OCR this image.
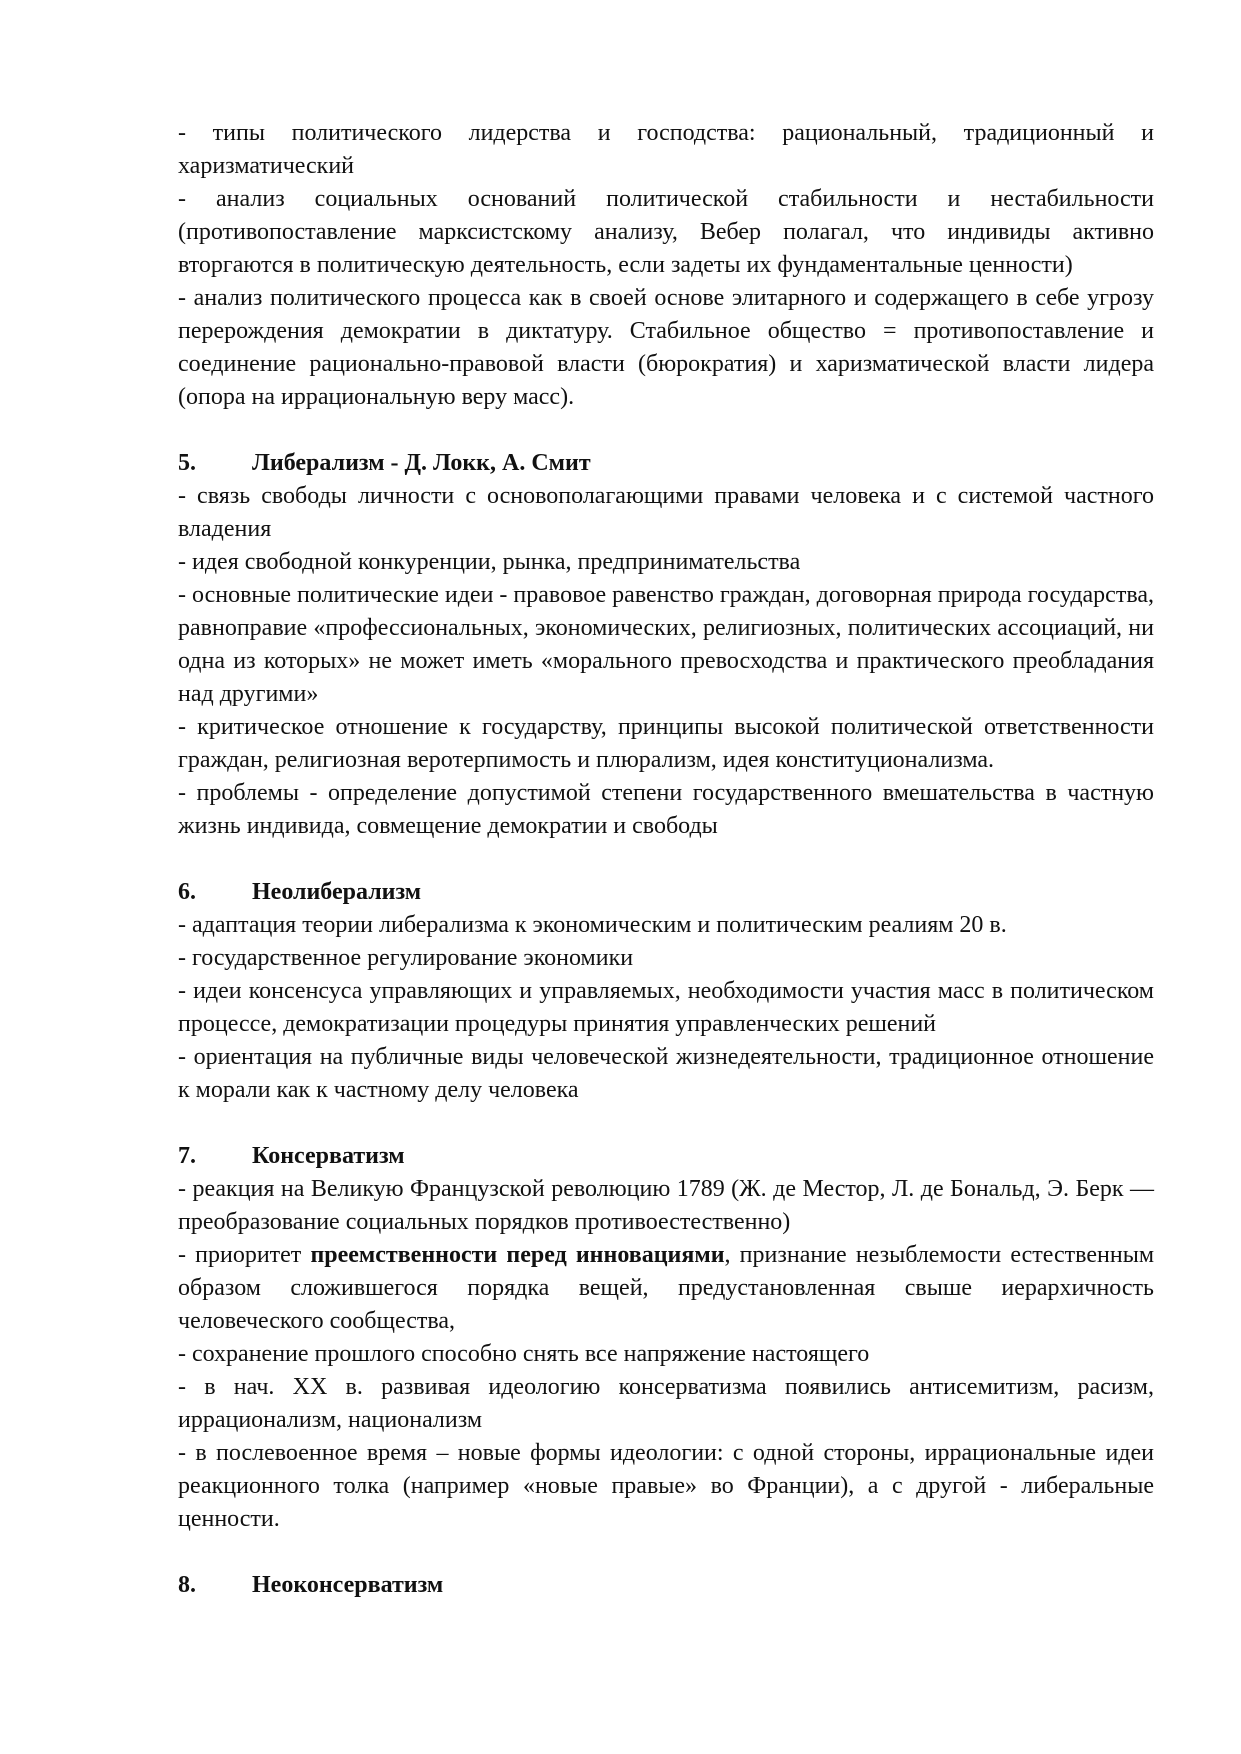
- типы политического лидерства и господства: рациональный, традиционный и харизматический

- анализ социальных оснований политической стабильности и нестабильности (противопоставление марксистскому анализу, Вебер полагал, что индивиды активно вторгаются в политическую деятельность, если задеты их фундаментальные ценности)

- анализ политического процесса как в своей основе элитарного и содержащего в себе угрозу перерождения демократии в диктатуру. Стабильное общество = противопоставление и соединение рационально-правовой власти (бюрократия) и харизматической власти лидера (опора на иррациональную веру масс).

5.	Либерализм - Д. Локк, А. Смит

- связь свободы личности с основополагающими правами человека и с системой частного владения

- идея свободной конкуренции, рынка, предпринимательства

- основные политические идеи - правовое равенство граждан, договорная природа государства, равноправие «профессиональных, экономических, религиозных, политических ассоциаций, ни одна из которых» не может иметь «морального превосходства и практического преобладания над другими»

- критическое отношение к государству, принципы высокой политической ответственности граждан, религиозная веротерпимость и плюрализм, идея конституционализма.

- проблемы - определение допустимой степени государственного вмешательства в частную жизнь индивида, совмещение демократии и свободы

6.	Неолиберализм

- адаптация теории либерализма к экономическим и политическим реалиям 20 в.

- государственное регулирование экономики

- идеи консенсуса управляющих и управляемых, необходимости участия масс в политическом процессе, демократизации процедуры принятия управленческих решений

- ориентация на публичные виды человеческой жизнедеятельности, традиционное отношение к морали как к частному делу человека

7.	Консерватизм

- реакция на Великую Французской революцию 1789 (Ж. де Местор, Л. де Бональд, Э. Берк —преобразование социальных порядков противоестественно)

- приоритет преемственности перед инновациями, признание незыблемости естественным образом сложившегося порядка вещей, предустановленная свыше иерархичность человеческого сообщества,

- сохранение прошлого способно снять все напряжение настоящего

- в нач. XX в. развивая идеологию консерватизма появились антисемитизм, расизм, иррационализм, национализм

- в послевоенное время – новые формы идеологии: с одной стороны, иррациональные идеи реакционного толка (например «новые правые» во Франции), а с другой - либеральные ценности.

8.	Неоконсерватизм
